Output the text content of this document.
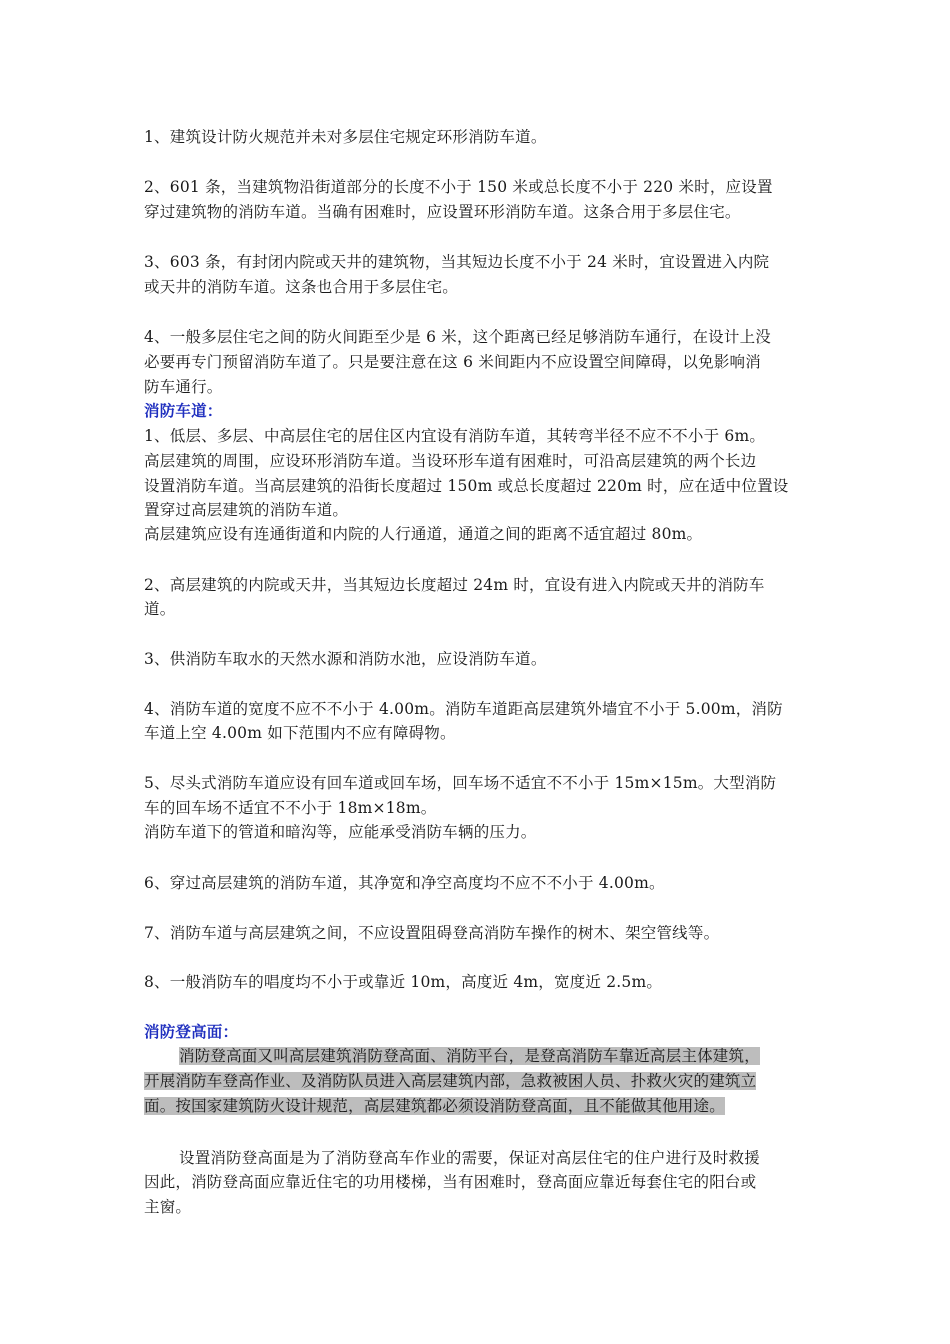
1、建筑设计防火规范并未对多层住宅规定环形消防车道。
2、601 条，当建筑物沿街道部分的长度不小于 150 米或总长度不小于 220 米时，应设置
穿过建筑物的消防车道。当确有困难时，应设置环形消防车道。这条合用于多层住宅。
3、603 条，有封闭内院或天井的建筑物，当其短边长度不小于 24 米时，宜设置进入内院
或天井的消防车道。这条也合用于多层住宅。
4、一般多层住宅之间的防火间距至少是 6 米，这个距离已经足够消防车通行，在设计上没
必要再专门预留消防车道了。只是要注意在这 6 米间距内不应设置空间障碍，以免影响消
防车通行。
消防车道：
1、低层、多层、中高层住宅的居住区内宜设有消防车道，其转弯半径不应不不小于 6m。
高层建筑的周围，应设环形消防车道。当设环形车道有困难时，可沿高层建筑的两个长边
设置消防车道。当高层建筑的沿街长度超过 150m 或总长度超过 220m 时，应在适中位置设
置穿过高层建筑的消防车道。
高层建筑应设有连通街道和内院的人行通道，通道之间的距离不适宜超过 80m。
2、高层建筑的内院或天井，当其短边长度超过 24m 时，宜设有进入内院或天井的消防车
道。
3、供消防车取水的天然水源和消防水池，应设消防车道。
4、消防车道的宽度不应不不小于 4.00m。消防车道距高层建筑外墙宜不小于 5.00m，消防
车道上空 4.00m 如下范围内不应有障碍物。
5、尽头式消防车道应设有回车道或回车场，回车场不适宜不不小于 15m×15m。大型消防
车的回车场不适宜不不小于 18m×18m。
消防车道下的管道和暗沟等，应能承受消防车辆的压力。
6、穿过高层建筑的消防车道，其净宽和净空高度均不应不不小于 4.00m。
7、消防车道与高层建筑之间，不应设置阻碍登高消防车操作的树木、架空管线等。
8、一般消防车的唱度均不小于或靠近 10m，高度近 4m，宽度近 2.5m。
消防登高面：
消防登高面又叫高层建筑消防登高面、消防平台，是登高消防车靠近高层主体建筑，
开展消防车登高作业、及消防队员进入高层建筑内部，急救被困人员、扑救火灾的建筑立
面。按国家建筑防火设计规范，高层建筑都必须设消防登高面，且不能做其他用途。
设置消防登高面是为了消防登高车作业的需要，保证对高层住宅的住户进行及时救援
因此，消防登高面应靠近住宅的功用楼梯，当有困难时，登高面应靠近每套住宅的阳台或
主窗。
